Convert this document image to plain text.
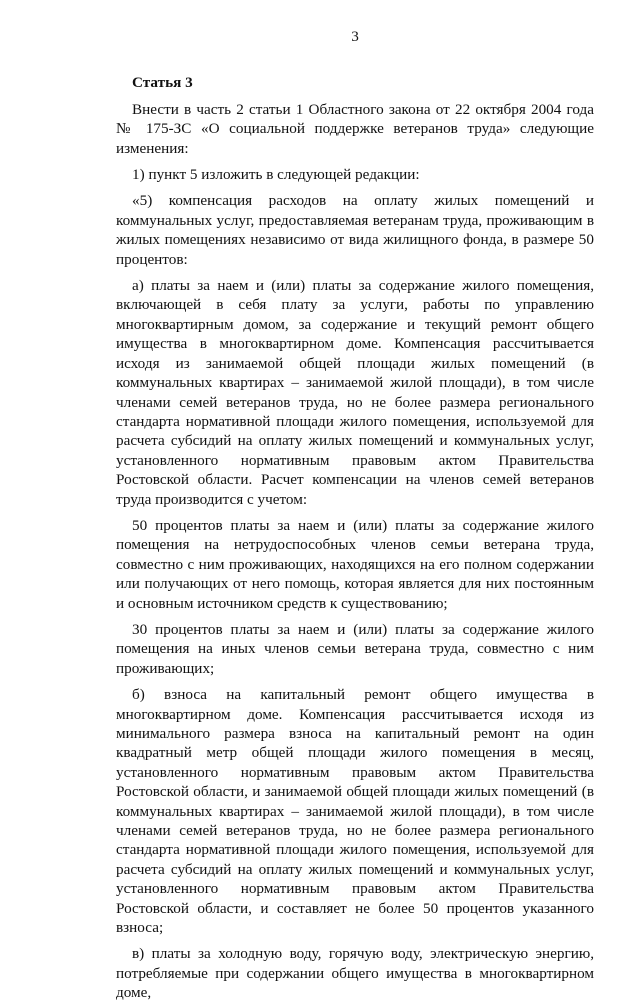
3
Статья 3

Внести в часть 2 статьи 1 Областного закона от 22 октября 2004 года № 175-ЗС «О социальной поддержке ветеранов труда» следующие изменения:

1) пункт 5 изложить в следующей редакции:

«5) компенсация расходов на оплату жилых помещений и коммунальных услуг, предоставляемая ветеранам труда, проживающим в жилых помещениях независимо от вида жилищного фонда, в размере 50 процентов:

а) платы за наем и (или) платы за содержание жилого помещения, включающей в себя плату за услуги, работы по управлению многоквартирным домом, за содержание и текущий ремонт общего имущества в многоквартирном доме. Компенсация рассчитывается исходя из занимаемой общей площади жилых помещений (в коммунальных квартирах – занимаемой жилой площади), в том числе членами семей ветеранов труда, но не более размера регионального стандарта нормативной площади жилого помещения, используемой для расчета субсидий на оплату жилых помещений и коммунальных услуг, установленного нормативным правовым актом Правительства Ростовской области. Расчет компенсации на членов семей ветеранов труда производится с учетом:

50 процентов платы за наем и (или) платы за содержание жилого помещения на нетрудоспособных членов семьи ветерана труда, совместно с ним проживающих, находящихся на его полном содержании или получающих от него помощь, которая является для них постоянным и основным источником средств к существованию;

30 процентов платы за наем и (или) платы за содержание жилого помещения на иных членов семьи ветерана труда, совместно с ним проживающих;

б) взноса на капитальный ремонт общего имущества в многоквартирном доме. Компенсация рассчитывается исходя из минимального размера взноса на капитальный ремонт на один квадратный метр общей площади жилого помещения в месяц, установленного нормативным правовым актом Правительства Ростовской области, и занимаемой общей площади жилых помещений (в коммунальных квартирах – занимаемой жилой площади), в том числе членами семей ветеранов труда, но не более размера регионального стандарта нормативной площади жилого помещения, используемой для расчета субсидий на оплату жилых помещений и коммунальных услуг, установленного нормативным правовым актом Правительства Ростовской области, и составляет не более 50 процентов указанного взноса;

в) платы за холодную воду, горячую воду, электрическую энергию, потребляемые при содержании общего имущества в многоквартирном доме,
